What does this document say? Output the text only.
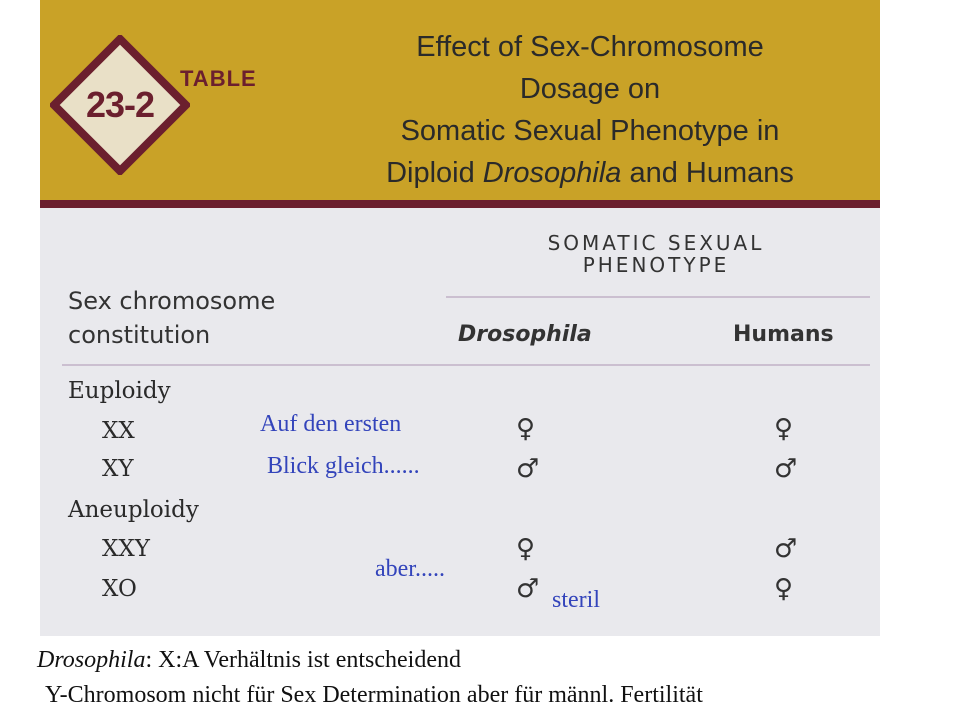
23-2
TABLE
Effect of Sex-Chromosome
Dosage on
Somatic Sexual Phenotype in
Diploid Drosophila and Humans
SOMATIC SEXUAL
PHENOTYPE
Sex chromosome
constitution	Drosophila	Humans
Euploidy
XX	♀	♀
XY	♂	♂
Aneuploidy
XXY	♀	♂
XO	♂	♀
Auf den ersten
Blick gleich......
aber.....
steril
Drosophila: X:A Verhältnis ist entscheidend
Y-Chromosom nicht für Sex Determination aber für männl. Fertilität
